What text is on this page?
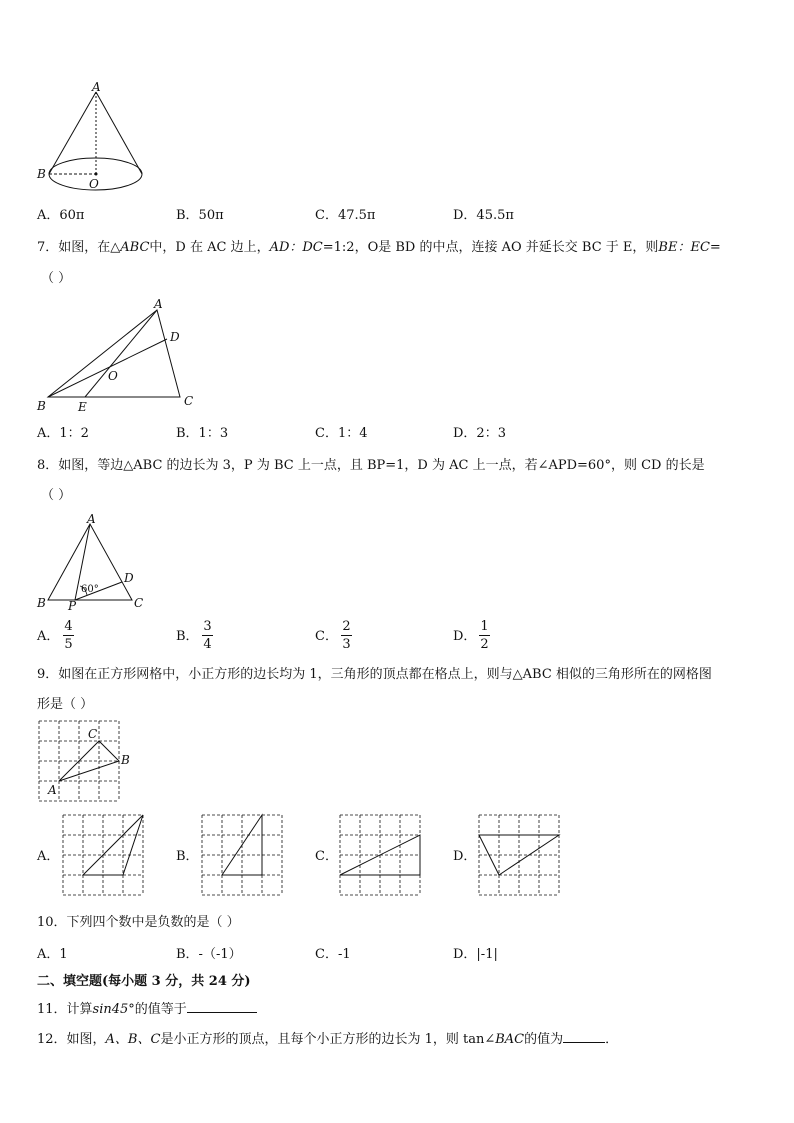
A
B
O
A．60π	B．50π	C．47.5π	D．45.5π
7．如图，在△ABC中，D 在 AC 边上，AD：DC=1:2，O是 BD 的中点，连接 AO 并延长交 BC 于 E，则BE：EC=
（ ）
A
D
O
B	E	C
A．1：2	B．1：3	C．1：4	D．2：3
8．如图，等边△ABC 的边长为 3，P 为 BC 上一点，且 BP=1，D 为 AC 上一点，若∠APD=60°，则 CD 的长是
（ ）
A
60°
D
B P	C
A．
4
5
B．
3
4
C．
2
3
D．
1
2
9．如图在正方形网格中，小正方形的边长均为 1，三角形的顶点都在格点上，则与△ABC 相似的三角形所在的网格图
形是（ ）
C
B
A
A．	B．	C．	D．
10．下列四个数中是负数的是（ ）
A．1	B．-（-1）	C．-1	D．|-1|
二、填空题(每小题 3 分，共 24 分)
11．计算sin45°的值等于
12．如图，A、B、C是小正方形的顶点，且每个小正方形的边长为 1，则 tan∠BAC的值为	．
